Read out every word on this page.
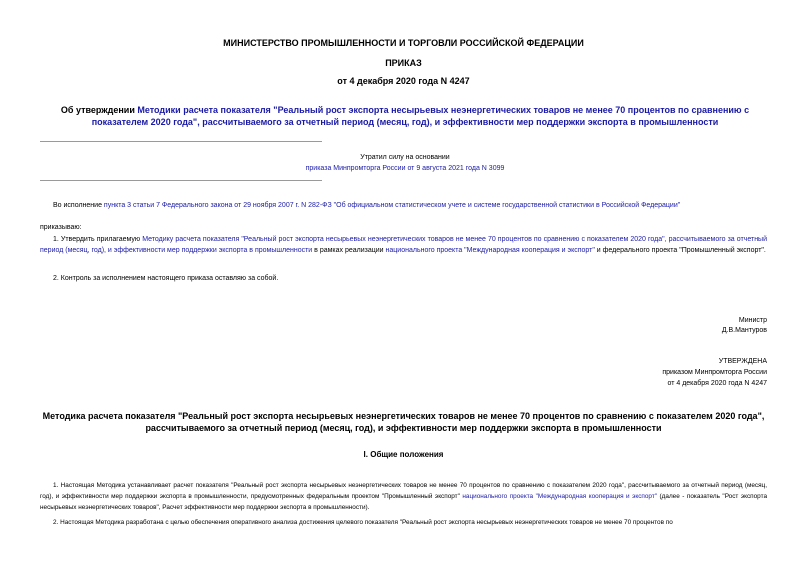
МИНИСТЕРСТВО ПРОМЫШЛЕННОСТИ И ТОРГОВЛИ РОССИЙСКОЙ ФЕДЕРАЦИИ
ПРИКАЗ
от 4 декабря 2020 года N 4247
Об утверждении Методики расчета показателя "Реальный рост экспорта несырьевых неэнергетических товаров не менее 70 процентов по сравнению с показателем 2020 года", рассчитываемого за отчетный период (месяц, год), и эффективности мер поддержки экспорта в промышленности
Утратил силу на основании
приказа Минпромторга России от 9 августа 2021 года N 3099
Во исполнение пункта 3 статьи 7 Федерального закона от 29 ноября 2007 г. N 282-ФЗ "Об официальном статистическом учете и системе государственной статистики в Российской Федерации"
приказываю:
1. Утвердить прилагаемую Методику расчета показателя "Реальный рост экспорта несырьевых неэнергетических товаров не менее 70 процентов по сравнению с показателем 2020 года", рассчитываемого за отчетный период (месяц, год), и эффективности мер поддержки экспорта в промышленности в рамках реализации национального проекта "Международная кооперация и экспорт" и федерального проекта "Промышленный экспорт".
2. Контроль за исполнением настоящего приказа оставляю за собой.
Министр
Д.В.Мантуров
УТВЕРЖДЕНА
приказом Минпромторга России
от 4 декабря 2020 года N 4247
Методика расчета показателя "Реальный рост экспорта несырьевых неэнергетических товаров не менее 70 процентов по сравнению с показателем 2020 года", рассчитываемого за отчетный период (месяц, год), и эффективности мер поддержки экспорта в промышленности
I. Общие положения
1. Настоящая Методика устанавливает расчет показателя "Реальный рост экспорта несырьевых неэнергетических товаров не менее 70 процентов по сравнению с показателем 2020 года", рассчитываемого за отчетный период (месяц, год), и эффективности мер поддержки экспорта в промышленности, предусмотренных федеральным проектом "Промышленный экспорт" национального проекта "Международная кооперация и экспорт" (далее - показатель "Рост экспорта несырьевых неэнергетических товаров", Расчет эффективности мер поддержки экспорта в промышленности).
2. Настоящая Методика разработана с целью обеспечения оперативного анализа достижения целевого показателя "Реальный рост экспорта несырьевых неэнергетических товаров не менее 70 процентов по
